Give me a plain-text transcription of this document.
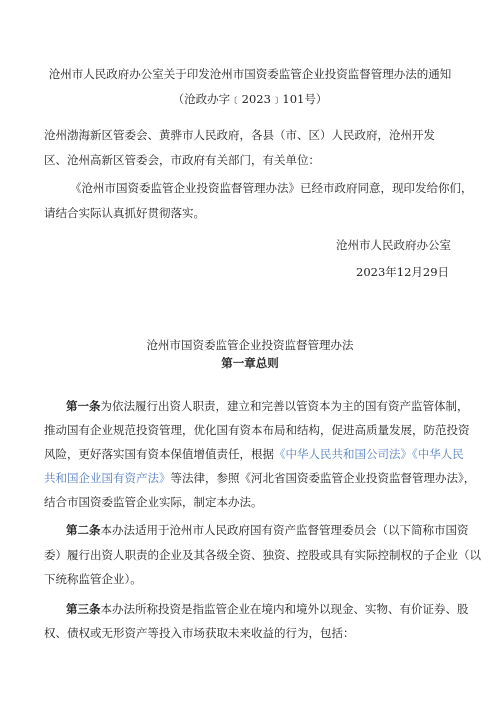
沧州市人民政府办公室关于印发沧州市国资委监管企业投资监督管理办法的通知
（沧政办字﹝2023﹞101号）
沧州渤海新区管委会、黄骅市人民政府，各县（市、区）人民政府，沧州开发
区、沧州高新区管委会，市政府有关部门，有关单位：
《沧州市国资委监管企业投资监督管理办法》已经市政府同意，现印发给你们，
请结合实际认真抓好贯彻落实。
沧州市人民政府办公室
2023年12月29日
沧州市国资委监管企业投资监督管理办法
第一章总则
第一条为依法履行出资人职责，建立和完善以管资本为主的国有资产监管体制，
推动国有企业规范投资管理，优化国有资本布局和结构，促进高质量发展，防范投资
风险，更好落实国有资本保值增值责任，根据《中华人民共和国公司法》《中华人民
共和国企业国有资产法》等法律，参照《河北省国资委监管企业投资监督管理办法》，
结合市国资委监管企业实际，制定本办法。
第二条本办法适用于沧州市人民政府国有资产监督管理委员会（以下简称市国资
委）履行出资人职责的企业及其各级全资、独资、控股或具有实际控制权的子企业（以
下统称监管企业）。
第三条本办法所称投资是指监管企业在境内和境外以现金、实物、有价证券、股
权、债权或无形资产等投入市场获取未来收益的行为，包括：
